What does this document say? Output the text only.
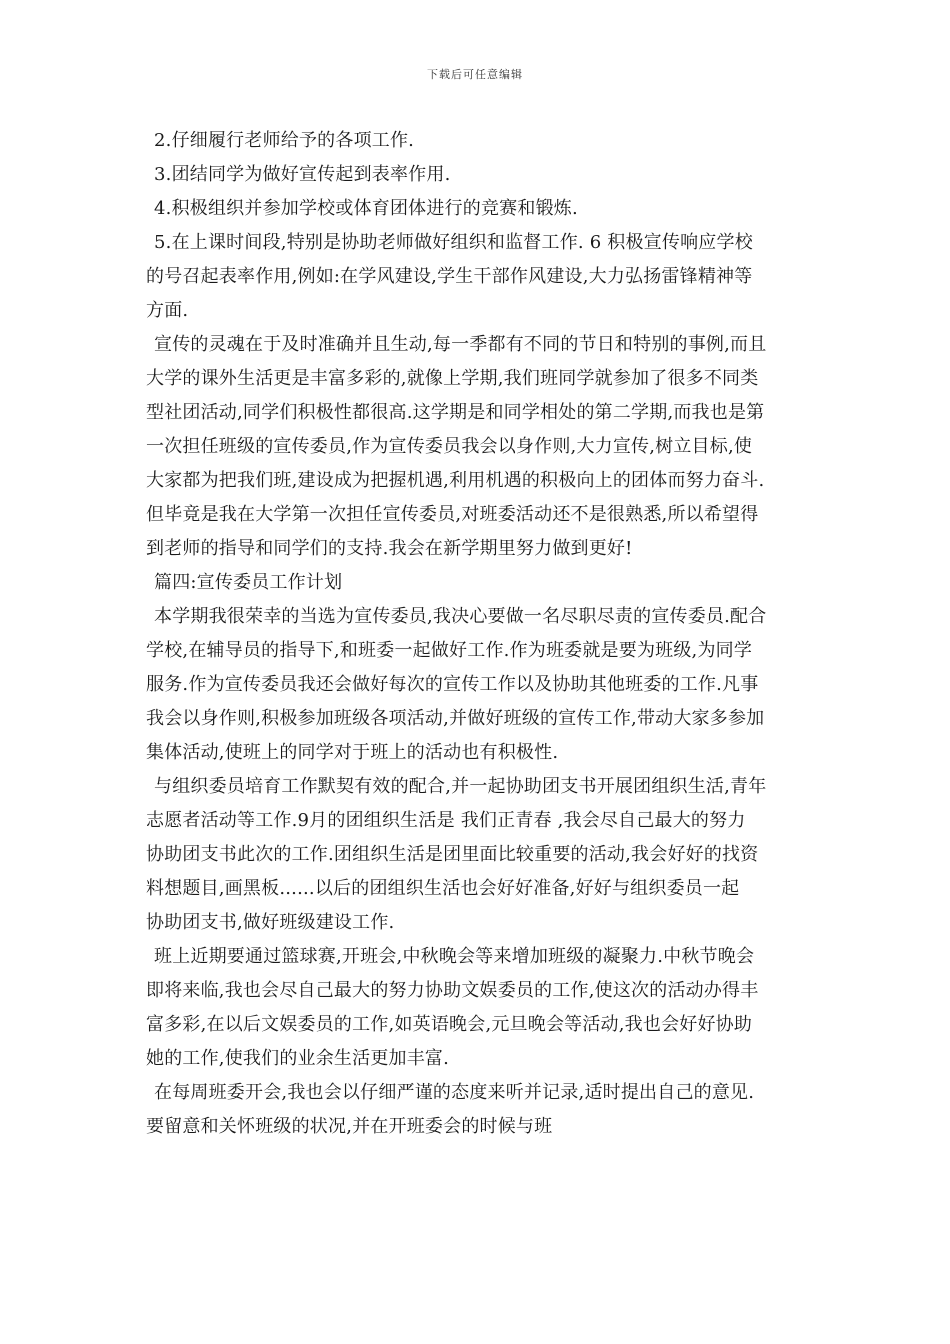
下载后可任意编辑
2.仔细履行老师给予的各项工作.
3.团结同学为做好宣传起到表率作用.
4.积极组织并参加学校或体育团体进行的竞赛和锻炼.
5.在上课时间段,特别是协助老师做好组织和监督工作. 6 积极宣传响应学校
的号召起表率作用,例如:在学风建设,学生干部作风建设,大力弘扬雷锋精神等
方面.
宣传的灵魂在于及时准确并且生动,每一季都有不同的节日和特别的事例,而且
大学的课外生活更是丰富多彩的,就像上学期,我们班同学就参加了很多不同类
型社团活动,同学们积极性都很高.这学期是和同学相处的第二学期,而我也是第
一次担任班级的宣传委员,作为宣传委员我会以身作则,大力宣传,树立目标,使
大家都为把我们班,建设成为把握机遇,利用机遇的积极向上的团体而努力奋斗.
但毕竟是我在大学第一次担任宣传委员,对班委活动还不是很熟悉,所以希望得
到老师的指导和同学们的支持.我会在新学期里努力做到更好!
篇四:宣传委员工作计划
本学期我很荣幸的当选为宣传委员,我决心要做一名尽职尽责的宣传委员.配合
学校,在辅导员的指导下,和班委一起做好工作.作为班委就是要为班级,为同学
服务.作为宣传委员我还会做好每次的宣传工作以及协助其他班委的工作.凡事
我会以身作则,积极参加班级各项活动,并做好班级的宣传工作,带动大家多参加
集体活动,使班上的同学对于班上的活动也有积极性.
与组织委员培育工作默契有效的配合,并一起协助团支书开展团组织生活,青年
志愿者活动等工作.9月的团组织生活是 我们正青春 ,我会尽自己最大的努力
协助团支书此次的工作.团组织生活是团里面比较重要的活动,我会好好的找资
料想题目,画黑板......以后的团组织生活也会好好准备,好好与组织委员一起
协助团支书,做好班级建设工作.
班上近期要通过篮球赛,开班会,中秋晚会等来增加班级的凝聚力.中秋节晚会
即将来临,我也会尽自己最大的努力协助文娱委员的工作,使这次的活动办得丰
富多彩,在以后文娱委员的工作,如英语晚会,元旦晚会等活动,我也会好好协助
她的工作,使我们的业余生活更加丰富.
在每周班委开会,我也会以仔细严谨的态度来听并记录,适时提出自己的意见.
要留意和关怀班级的状况,并在开班委会的时候与班
